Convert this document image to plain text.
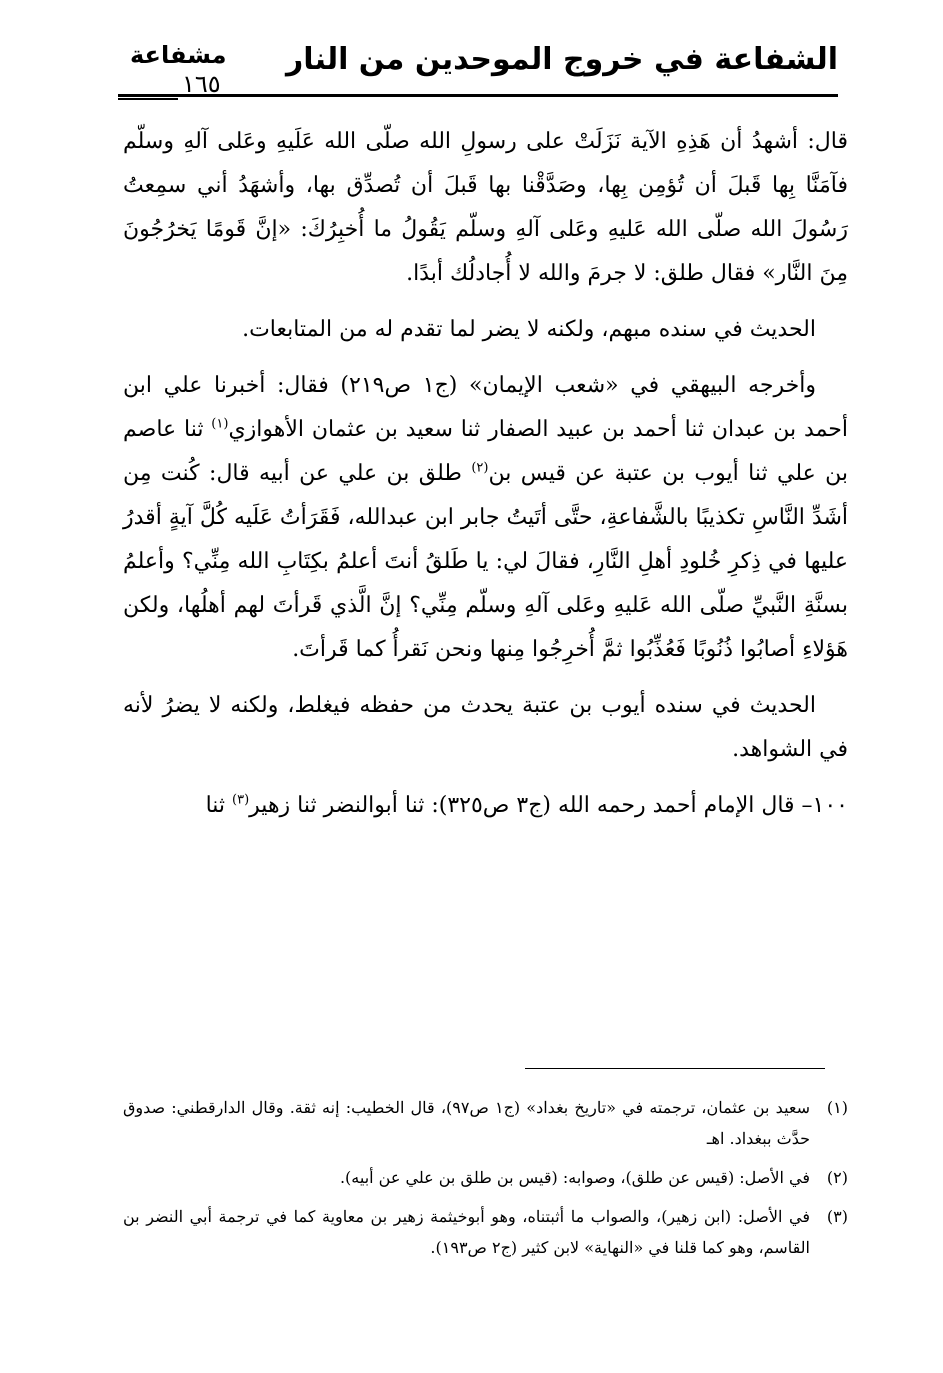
الشفاعة في خروج الموحدين من النار
مشفاعة
١٦٥

قال: أشهدُ أن هَذِهِ الآية نَزَلَتْ على رسولِ الله صلّى الله عَلَيهِ وعَلى آلهِ وسلّم فآمَنَّا بِها قَبلَ أن تُؤمِن بِها، وصَدَّقْنا بها قَبلَ أن تُصدِّق بها، وأشهَدُ أني سمِعتُ رَسُولَ الله صلّى الله عَليهِ وعَلى آلهِ وسلّم يَقُولُ ما أُخبِرُكَ: «إنَّ قَومًا يَخرُجُونَ مِنَ النَّار» فقال طلق: لا جرمَ والله لا أُجادلُك أبدًا.

الحديث في سنده مبهم، ولكنه لا يضر لما تقدم له من المتابعات.

وأخرجه البيهقي في «شعب الإيمان» (ج١ ص٢١٩) فقال: أخبرنا علي ابن أحمد بن عبدان ثنا أحمد بن عبيد الصفار ثنا سعيد بن عثمان الأهوازي$^{(١)}$ ثنا عاصم بن علي ثنا أيوب بن عتبة عن قيس بن$^{(٢)}$ طلق بن علي عن أبيه قال: كُنت مِن أشَدِّ النَّاسِ تكذيبًا بالشَّفاعةِ، حتَّى أتَيتُ جابر ابن عبدالله، فَقَرَأتُ عَلَيه كُلَّ آيةٍ أقدرُ عليها في ذِكرِ خُلودِ أهلِ النَّارِ، فقالَ لي: يا طَلقُ أنتَ أعلمُ بكِتَابِ الله مِنِّي؟ وأعلمُ بسنَّةِ النَّبيِّ صلّى الله عَليهِ وعَلى آلهِ وسلّم مِنِّي؟ إنَّ الَّذي قَرأتَ لهم أهلُها، ولكن هَؤلاءِ أصابُوا ذُنُوبًا فَعُذِّبُوا ثمَّ أُخرِجُوا مِنها ونحن نَقرأُ كما قَرأتَ.

الحديث في سنده أيوب بن عتبة يحدث من حفظه فيغلط، ولكنه لا يضرُ لأنه في الشواهد.

١٠٠– قال الإمام أحمد رحمه الله (ج٣ ص٣٢٥): ثنا أبوالنضر ثنا زهير$^{(٣)}$ ثنا

(١)
سعيد بن عثمان، ترجمته في «تاريخ بغداد» (ج١ ص٩٧)، قال الخطيب: إنه ثقة. وقال الدارقطني: صدوق حدَّث ببغداد. اهـ
(٢)
في الأصل: (قيس عن طلق)، وصوابه: (قيس بن طلق بن علي عن أبيه).
(٣)
في الأصل: (ابن زهير)، والصواب ما أثبتناه، وهو أبوخيثمة زهير بن معاوية كما في ترجمة أبي النضر بن القاسم، وهو كما قلنا في «النهاية» لابن كثير (ج٢ ص١٩٣).
